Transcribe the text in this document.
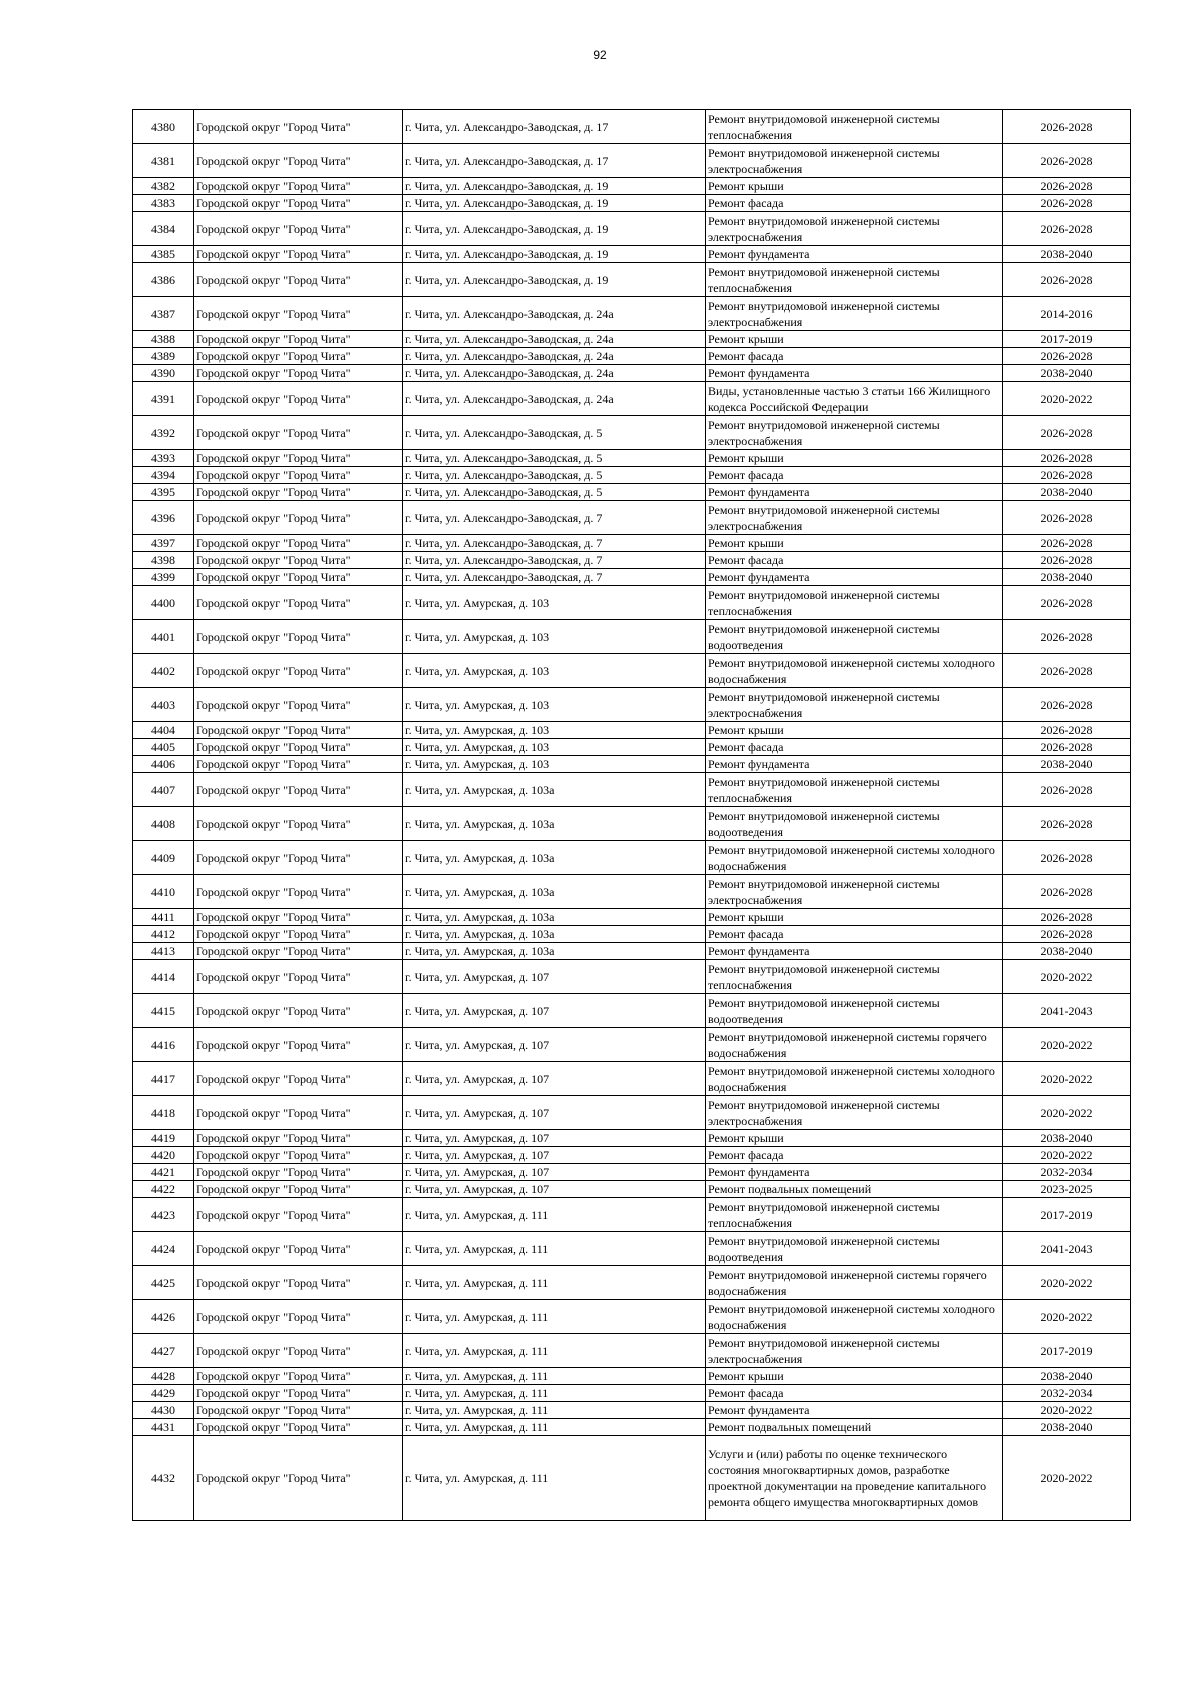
92
4380	Городской округ "Город Чита"	г. Чита, ул. Александро-Заводская, д. 17	Ремонт внутридомовой инженерной системы теплоснабжения	2026-2028
4381	Городской округ "Город Чита"	г. Чита, ул. Александро-Заводская, д. 17	Ремонт внутридомовой инженерной системы электроснабжения	2026-2028
4382	Городской округ "Город Чита"	г. Чита, ул. Александро-Заводская, д. 19	Ремонт крыши	2026-2028
4383	Городской округ "Город Чита"	г. Чита, ул. Александро-Заводская, д. 19	Ремонт фасада	2026-2028
4384	Городской округ "Город Чита"	г. Чита, ул. Александро-Заводская, д. 19	Ремонт внутридомовой инженерной системы электроснабжения	2026-2028
4385	Городской округ "Город Чита"	г. Чита, ул. Александро-Заводская, д. 19	Ремонт фундамента	2038-2040
4386	Городской округ "Город Чита"	г. Чита, ул. Александро-Заводская, д. 19	Ремонт внутридомовой инженерной системы теплоснабжения	2026-2028
4387	Городской округ "Город Чита"	г. Чита, ул. Александро-Заводская, д. 24а	Ремонт внутридомовой инженерной системы электроснабжения	2014-2016
4388	Городской округ "Город Чита"	г. Чита, ул. Александро-Заводская, д. 24а	Ремонт крыши	2017-2019
4389	Городской округ "Город Чита"	г. Чита, ул. Александро-Заводская, д. 24а	Ремонт фасада	2026-2028
4390	Городской округ "Город Чита"	г. Чита, ул. Александро-Заводская, д. 24а	Ремонт фундамента	2038-2040
4391	Городской округ "Город Чита"	г. Чита, ул. Александро-Заводская, д. 24а	Виды, установленные частью 3 статьи 166 Жилищного кодекса Российской Федерации	2020-2022
4392	Городской округ "Город Чита"	г. Чита, ул. Александро-Заводская, д. 5	Ремонт внутридомовой инженерной системы электроснабжения	2026-2028
4393	Городской округ "Город Чита"	г. Чита, ул. Александро-Заводская, д. 5	Ремонт крыши	2026-2028
4394	Городской округ "Город Чита"	г. Чита, ул. Александро-Заводская, д. 5	Ремонт фасада	2026-2028
4395	Городской округ "Город Чита"	г. Чита, ул. Александро-Заводская, д. 5	Ремонт фундамента	2038-2040
4396	Городской округ "Город Чита"	г. Чита, ул. Александро-Заводская, д. 7	Ремонт внутридомовой инженерной системы электроснабжения	2026-2028
4397	Городской округ "Город Чита"	г. Чита, ул. Александро-Заводская, д. 7	Ремонт крыши	2026-2028
4398	Городской округ "Город Чита"	г. Чита, ул. Александро-Заводская, д. 7	Ремонт фасада	2026-2028
4399	Городской округ "Город Чита"	г. Чита, ул. Александро-Заводская, д. 7	Ремонт фундамента	2038-2040
4400	Городской округ "Город Чита"	г. Чита, ул. Амурская, д. 103	Ремонт внутридомовой инженерной системы теплоснабжения	2026-2028
4401	Городской округ "Город Чита"	г. Чита, ул. Амурская, д. 103	Ремонт внутридомовой инженерной системы водоотведения	2026-2028
4402	Городской округ "Город Чита"	г. Чита, ул. Амурская, д. 103	Ремонт внутридомовой инженерной системы холодного водоснабжения	2026-2028
4403	Городской округ "Город Чита"	г. Чита, ул. Амурская, д. 103	Ремонт внутридомовой инженерной системы электроснабжения	2026-2028
4404	Городской округ "Город Чита"	г. Чита, ул. Амурская, д. 103	Ремонт крыши	2026-2028
4405	Городской округ "Город Чита"	г. Чита, ул. Амурская, д. 103	Ремонт фасада	2026-2028
4406	Городской округ "Город Чита"	г. Чита, ул. Амурская, д. 103	Ремонт фундамента	2038-2040
4407	Городской округ "Город Чита"	г. Чита, ул. Амурская, д. 103а	Ремонт внутридомовой инженерной системы теплоснабжения	2026-2028
4408	Городской округ "Город Чита"	г. Чита, ул. Амурская, д. 103а	Ремонт внутридомовой инженерной системы водоотведения	2026-2028
4409	Городской округ "Город Чита"	г. Чита, ул. Амурская, д. 103а	Ремонт внутридомовой инженерной системы холодного водоснабжения	2026-2028
4410	Городской округ "Город Чита"	г. Чита, ул. Амурская, д. 103а	Ремонт внутридомовой инженерной системы электроснабжения	2026-2028
4411	Городской округ "Город Чита"	г. Чита, ул. Амурская, д. 103а	Ремонт крыши	2026-2028
4412	Городской округ "Город Чита"	г. Чита, ул. Амурская, д. 103а	Ремонт фасада	2026-2028
4413	Городской округ "Город Чита"	г. Чита, ул. Амурская, д. 103а	Ремонт фундамента	2038-2040
4414	Городской округ "Город Чита"	г. Чита, ул. Амурская, д. 107	Ремонт внутридомовой инженерной системы теплоснабжения	2020-2022
4415	Городской округ "Город Чита"	г. Чита, ул. Амурская, д. 107	Ремонт внутридомовой инженерной системы водоотведения	2041-2043
4416	Городской округ "Город Чита"	г. Чита, ул. Амурская, д. 107	Ремонт внутридомовой инженерной системы горячего водоснабжения	2020-2022
4417	Городской округ "Город Чита"	г. Чита, ул. Амурская, д. 107	Ремонт внутридомовой инженерной системы холодного водоснабжения	2020-2022
4418	Городской округ "Город Чита"	г. Чита, ул. Амурская, д. 107	Ремонт внутридомовой инженерной системы электроснабжения	2020-2022
4419	Городской округ "Город Чита"	г. Чита, ул. Амурская, д. 107	Ремонт крыши	2038-2040
4420	Городской округ "Город Чита"	г. Чита, ул. Амурская, д. 107	Ремонт фасада	2020-2022
4421	Городской округ "Город Чита"	г. Чита, ул. Амурская, д. 107	Ремонт фундамента	2032-2034
4422	Городской округ "Город Чита"	г. Чита, ул. Амурская, д. 107	Ремонт подвальных помещений	2023-2025
4423	Городской округ "Город Чита"	г. Чита, ул. Амурская, д. 111	Ремонт внутридомовой инженерной системы теплоснабжения	2017-2019
4424	Городской округ "Город Чита"	г. Чита, ул. Амурская, д. 111	Ремонт внутридомовой инженерной системы водоотведения	2041-2043
4425	Городской округ "Город Чита"	г. Чита, ул. Амурская, д. 111	Ремонт внутридомовой инженерной системы горячего водоснабжения	2020-2022
4426	Городской округ "Город Чита"	г. Чита, ул. Амурская, д. 111	Ремонт внутридомовой инженерной системы холодного водоснабжения	2020-2022
4427	Городской округ "Город Чита"	г. Чита, ул. Амурская, д. 111	Ремонт внутридомовой инженерной системы электроснабжения	2017-2019
4428	Городской округ "Город Чита"	г. Чита, ул. Амурская, д. 111	Ремонт крыши	2038-2040
4429	Городской округ "Город Чита"	г. Чита, ул. Амурская, д. 111	Ремонт фасада	2032-2034
4430	Городской округ "Город Чита"	г. Чита, ул. Амурская, д. 111	Ремонт фундамента	2020-2022
4431	Городской округ "Город Чита"	г. Чита, ул. Амурская, д. 111	Ремонт подвальных помещений	2038-2040
4432	Городской округ "Город Чита"	г. Чита, ул. Амурская, д. 111	Услуги и (или) работы по оценке технического состояния многоквартирных домов, разработке проектной документации на проведение капитального ремонта общего имущества многоквартирных домов	2020-2022
